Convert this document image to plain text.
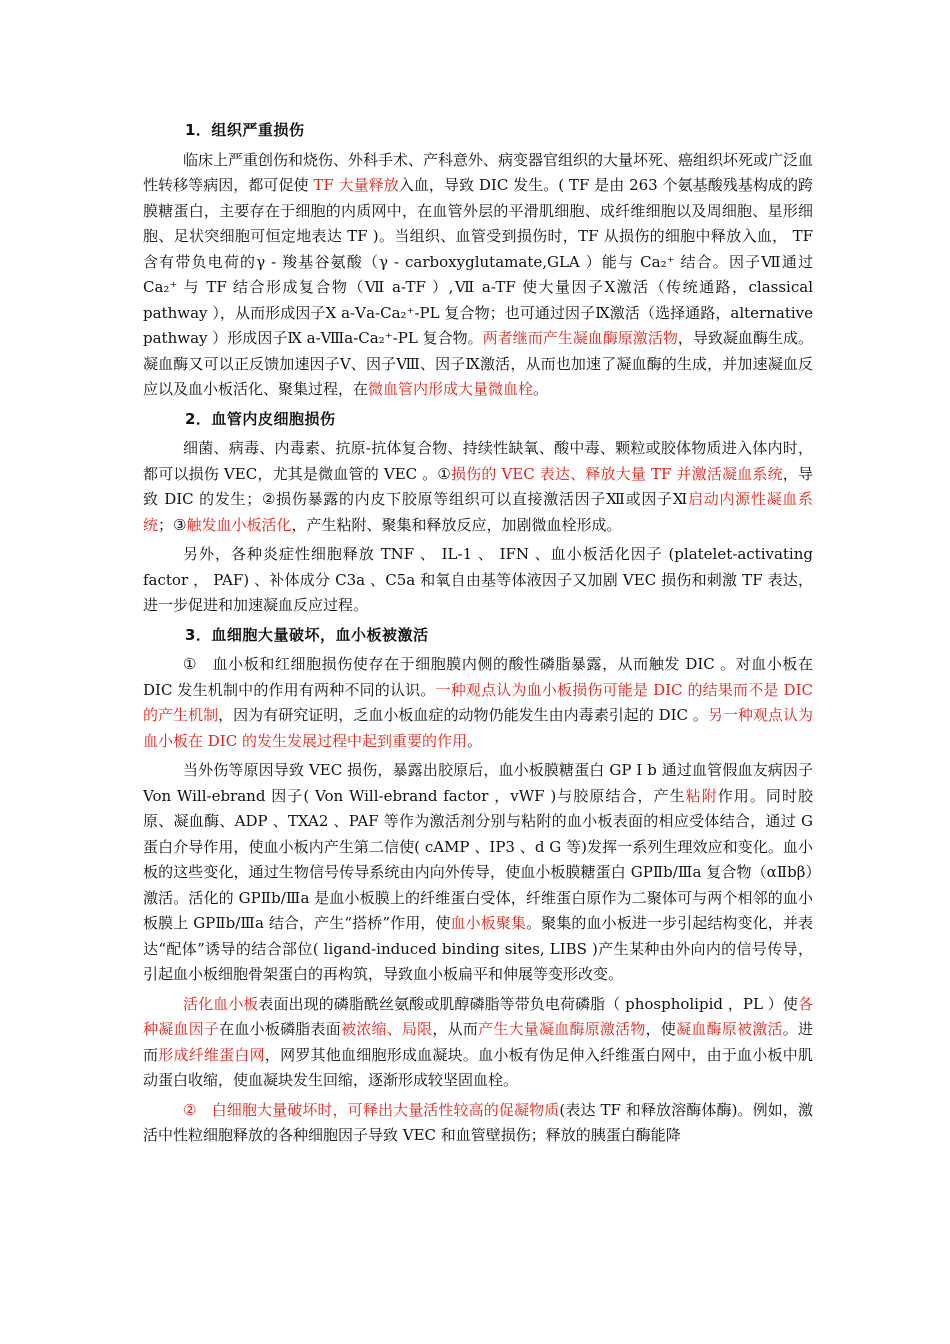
1．组织严重损伤

临床上严重创伤和烧伤、外科手术、产科意外、病变器官组织的大量坏死、癌组织坏死或广泛血性转移等病因，都可促使 TF 大量释放入血，导致 DIC 发生。( TF 是由 263 个氨基酸残基构成的跨膜糖蛋白，主要存在于细胞的内质网中，在血管外层的平滑肌细胞、成纤维细胞以及周细胞、星形细胞、足状突细胞可恒定地表达 TF )。当组织、血管受到损伤时，TF 从损伤的细胞中释放入血， TF 含有带负电荷的γ - 羧基谷氨酸（γ - carboxyglutamate,GLA ）能与 Ca₂⁺ 结合。因子Ⅶ通过 Ca₂⁺ 与 TF 结合形成复合物（Ⅶ a-TF ）,Ⅶ a-TF 使大量因子Ⅹ激活（传统通路，classical pathway ），从而形成因子Ⅹ a-Ⅴa-Ca₂⁺-PL 复合物；也可通过因子Ⅸ激活（选择通路，alternative pathway ）形成因子Ⅸ a-Ⅷa-Ca₂⁺-PL 复合物。两者继而产生凝血酶原激活物，导致凝血酶生成。凝血酶又可以正反馈加速因子Ⅴ、因子Ⅷ、因子Ⅸ激活，从而也加速了凝血酶的生成，并加速凝血反应以及血小板活化、聚集过程，在微血管内形成大量微血栓。

2．血管内皮细胞损伤

细菌、病毒、内毒素、抗原-抗体复合物、持续性缺氧、酸中毒、颗粒或胶体物质进入体内时，都可以损伤 VEC，尤其是微血管的 VEC 。①损伤的 VEC 表达、释放大量 TF 并激活凝血系统，导致 DIC 的发生；②损伤暴露的内皮下胶原等组织可以直接激活因子Ⅻ或因子Ⅺ启动内源性凝血系统；③触发血小板活化，产生粘附、聚集和释放反应，加剧微血栓形成。

另外，各种炎症性细胞释放 TNF 、 IL-1 、 IFN 、血小板活化因子 (platelet-activating factor ， PAF) 、补体成分 C3a 、C5a 和氧自由基等体液因子又加剧 VEC 损伤和刺激 TF 表达，进一步促进和加速凝血反应过程。

3．血细胞大量破坏，血小板被激活

①　血小板和红细胞损伤使存在于细胞膜内侧的酸性磷脂暴露，从而触发 DIC 。对血小板在 DIC 发生机制中的作用有两种不同的认识。一种观点认为血小板损伤可能是 DIC 的结果而不是 DIC 的产生机制，因为有研究证明，乏血小板血症的动物仍能发生由内毒素引起的 DIC 。另一种观点认为血小板在 DIC 的发生发展过程中起到重要的作用。

当外伤等原因导致 VEC 损伤，暴露出胶原后，血小板膜糖蛋白 GP Ⅰ b 通过血管假血友病因子 Von Will-ebrand 因子( Von Will-ebrand factor ，vWF )与胶原结合，产生粘附作用。同时胶原、凝血酶、ADP 、TXA2 、PAF 等作为激活剂分别与粘附的血小板表面的相应受体结合，通过 G 蛋白介导作用，使血小板内产生第二信使( cAMP 、IP3 、d G 等)发挥一系列生理效应和变化。血小板的这些变化，通过生物信号传导系统由内向外传导，使血小板膜糖蛋白 GPⅡb/Ⅲa 复合物（αⅡbβ）激活。活化的 GPⅡb/Ⅲa 是血小板膜上的纤维蛋白受体，纤维蛋白原作为二聚体可与两个相邻的血小板膜上 GPⅡb/Ⅲa 结合，产生“搭桥”作用，使血小板聚集。聚集的血小板进一步引起结构变化，并表达“配体”诱导的结合部位( ligand-induced binding sites, LIBS )产生某种由外向内的信号传导，引起血小板细胞骨架蛋白的再构筑，导致血小板扁平和伸展等变形改变。

活化血小板表面出现的磷脂酰丝氨酸或肌醇磷脂等带负电荷磷脂（ phospholipid ，PL ）使各种凝血因子在血小板磷脂表面被浓缩、局限，从而产生大量凝血酶原激活物，使凝血酶原被激活。进而形成纤维蛋白网，网罗其他血细胞形成血凝块。血小板有伪足伸入纤维蛋白网中，由于血小板中肌动蛋白收缩，使血凝块发生回缩，逐渐形成较坚固血栓。

②　白细胞大量破坏时，可释出大量活性较高的促凝物质(表达 TF 和释放溶酶体酶)。例如，激活中性粒细胞释放的各种细胞因子导致 VEC 和血管壁损伤；释放的胰蛋白酶能降
